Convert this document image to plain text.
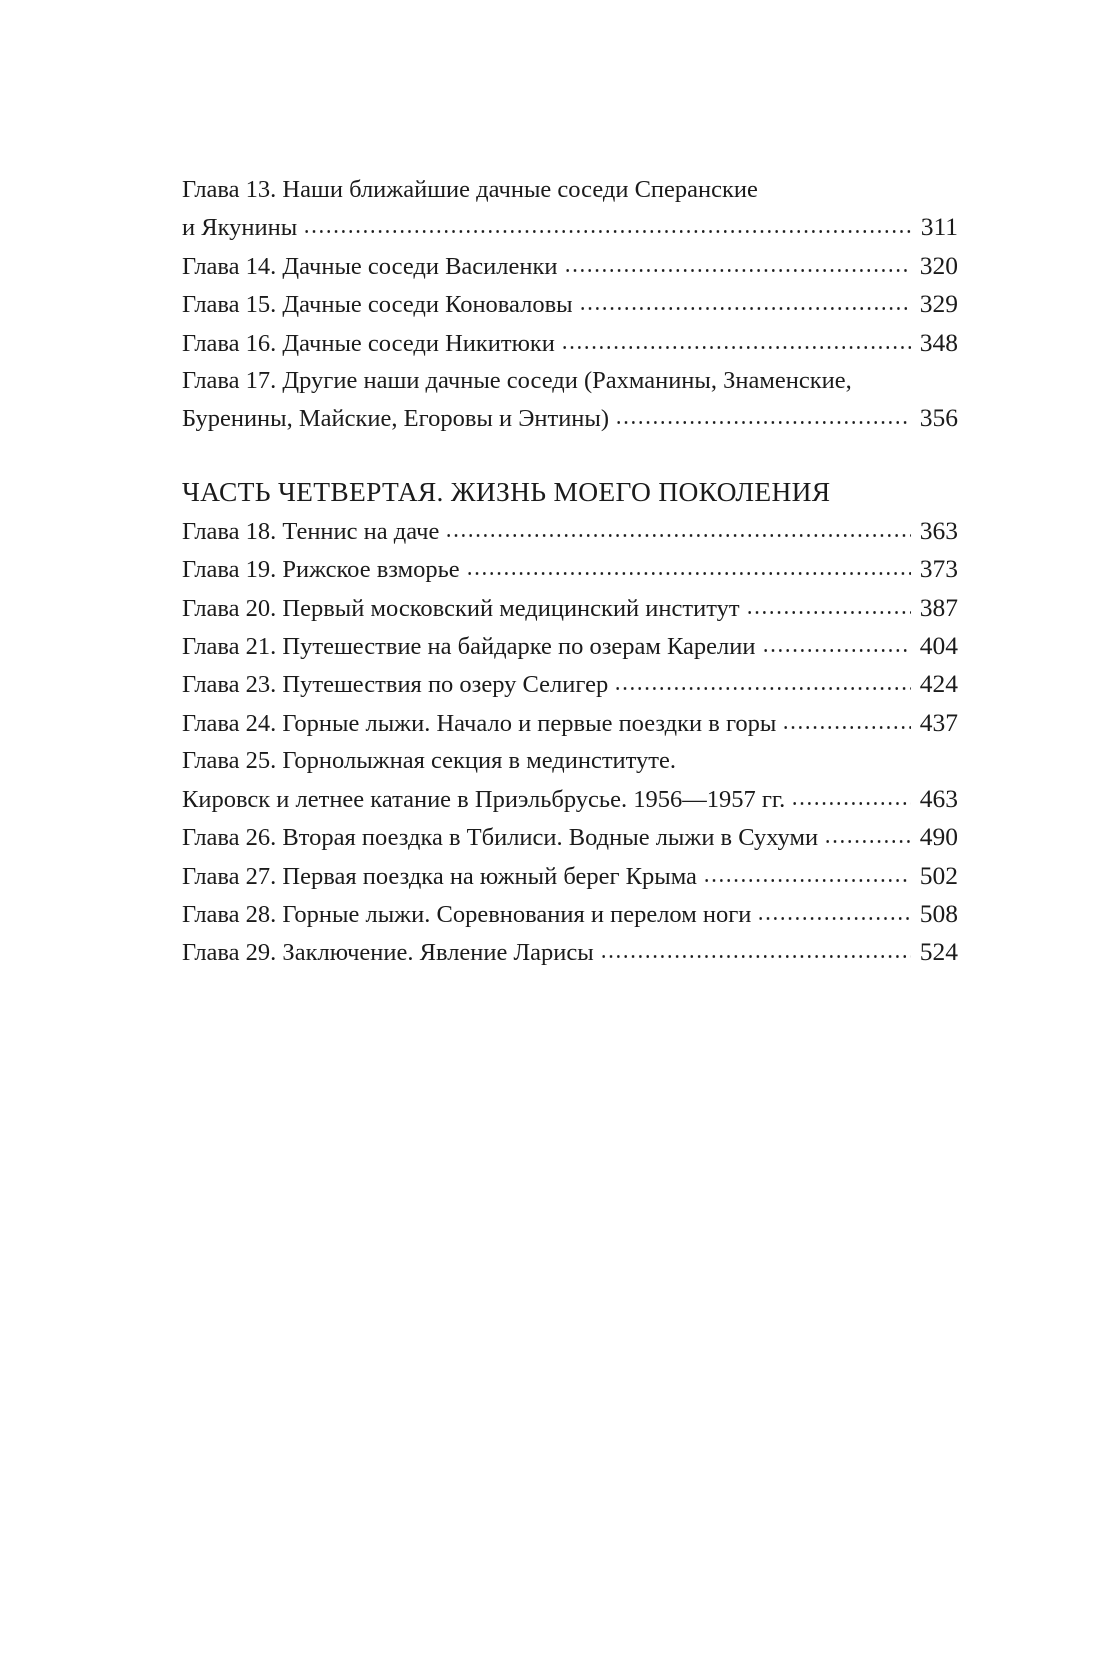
Глава 13. Наши ближайшие дачные соседи Сперанские
и Якунины	311
Глава 14. Дачные соседи Василенки	320
Глава 15. Дачные соседи Коноваловы	329
Глава 16. Дачные соседи Никитюки	348
Глава 17. Другие наши дачные соседи (Рахманины, Знаменские,
Буренины, Майские, Егоровы и Энтины)	356
ЧАСТЬ ЧЕТВЕРТАЯ. ЖИЗНЬ МОЕГО ПОКОЛЕНИЯ
Глава 18. Теннис на даче	363
Глава 19. Рижское взморье	373
Глава 20. Первый московский медицинский институт	387
Глава 21. Путешествие на байдарке по озерам Карелии	404
Глава 23. Путешествия по озеру Селигер	424
Глава 24. Горные лыжи. Начало и первые поездки в горы	437
Глава 25. Горнолыжная секция в мединституте.
Кировск и летнее катание в Приэльбрусье. 1956—1957 гг.	463
Глава 26. Вторая поездка в Тбилиси. Водные лыжи в Сухуми	490
Глава 27. Первая поездка на южный берег Крыма	502
Глава 28. Горные лыжи. Соревнования и перелом ноги	508
Глава 29. Заключение. Явление Ларисы	524
